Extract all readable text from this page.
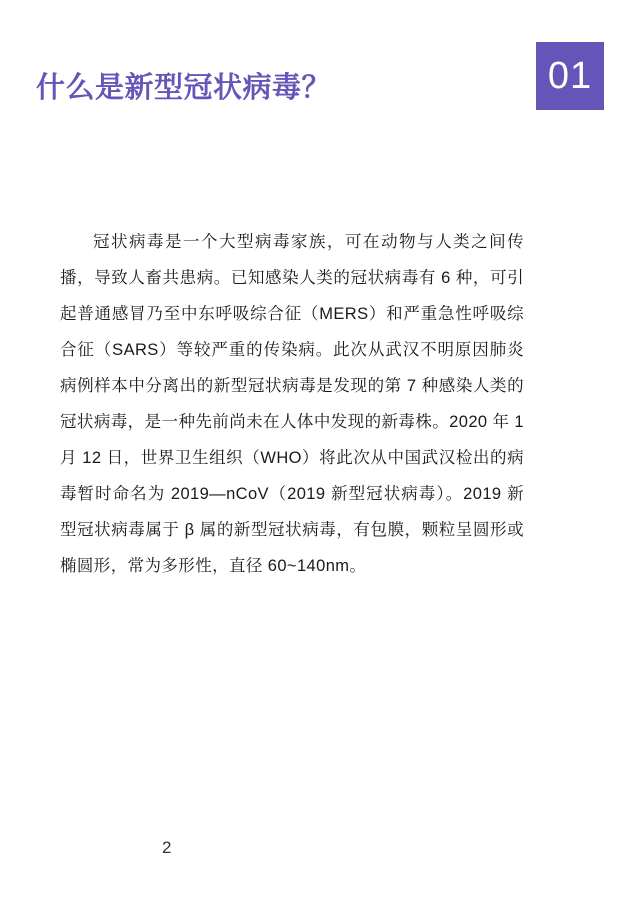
什么是新型冠状病毒？	01

冠状病毒是一个大型病毒家族，可在动物与人类之间传播，导致人畜共患病。已知感染人类的冠状病毒有 6 种，可引起普通感冒乃至中东呼吸综合征（MERS）和严重急性呼吸综合征（SARS）等较严重的传染病。此次从武汉不明原因肺炎病例样本中分离出的新型冠状病毒是发现的第 7 种感染人类的冠状病毒，是一种先前尚未在人体中发现的新毒株。2020 年 1 月 12 日，世界卫生组织（WHO）将此次从中国武汉检出的病毒暂时命名为 2019—nCoV（2019 新型冠状病毒）。2019 新型冠状病毒属于 β 属的新型冠状病毒，有包膜，颗粒呈圆形或椭圆形，常为多形性，直径 60~140nm。

2
